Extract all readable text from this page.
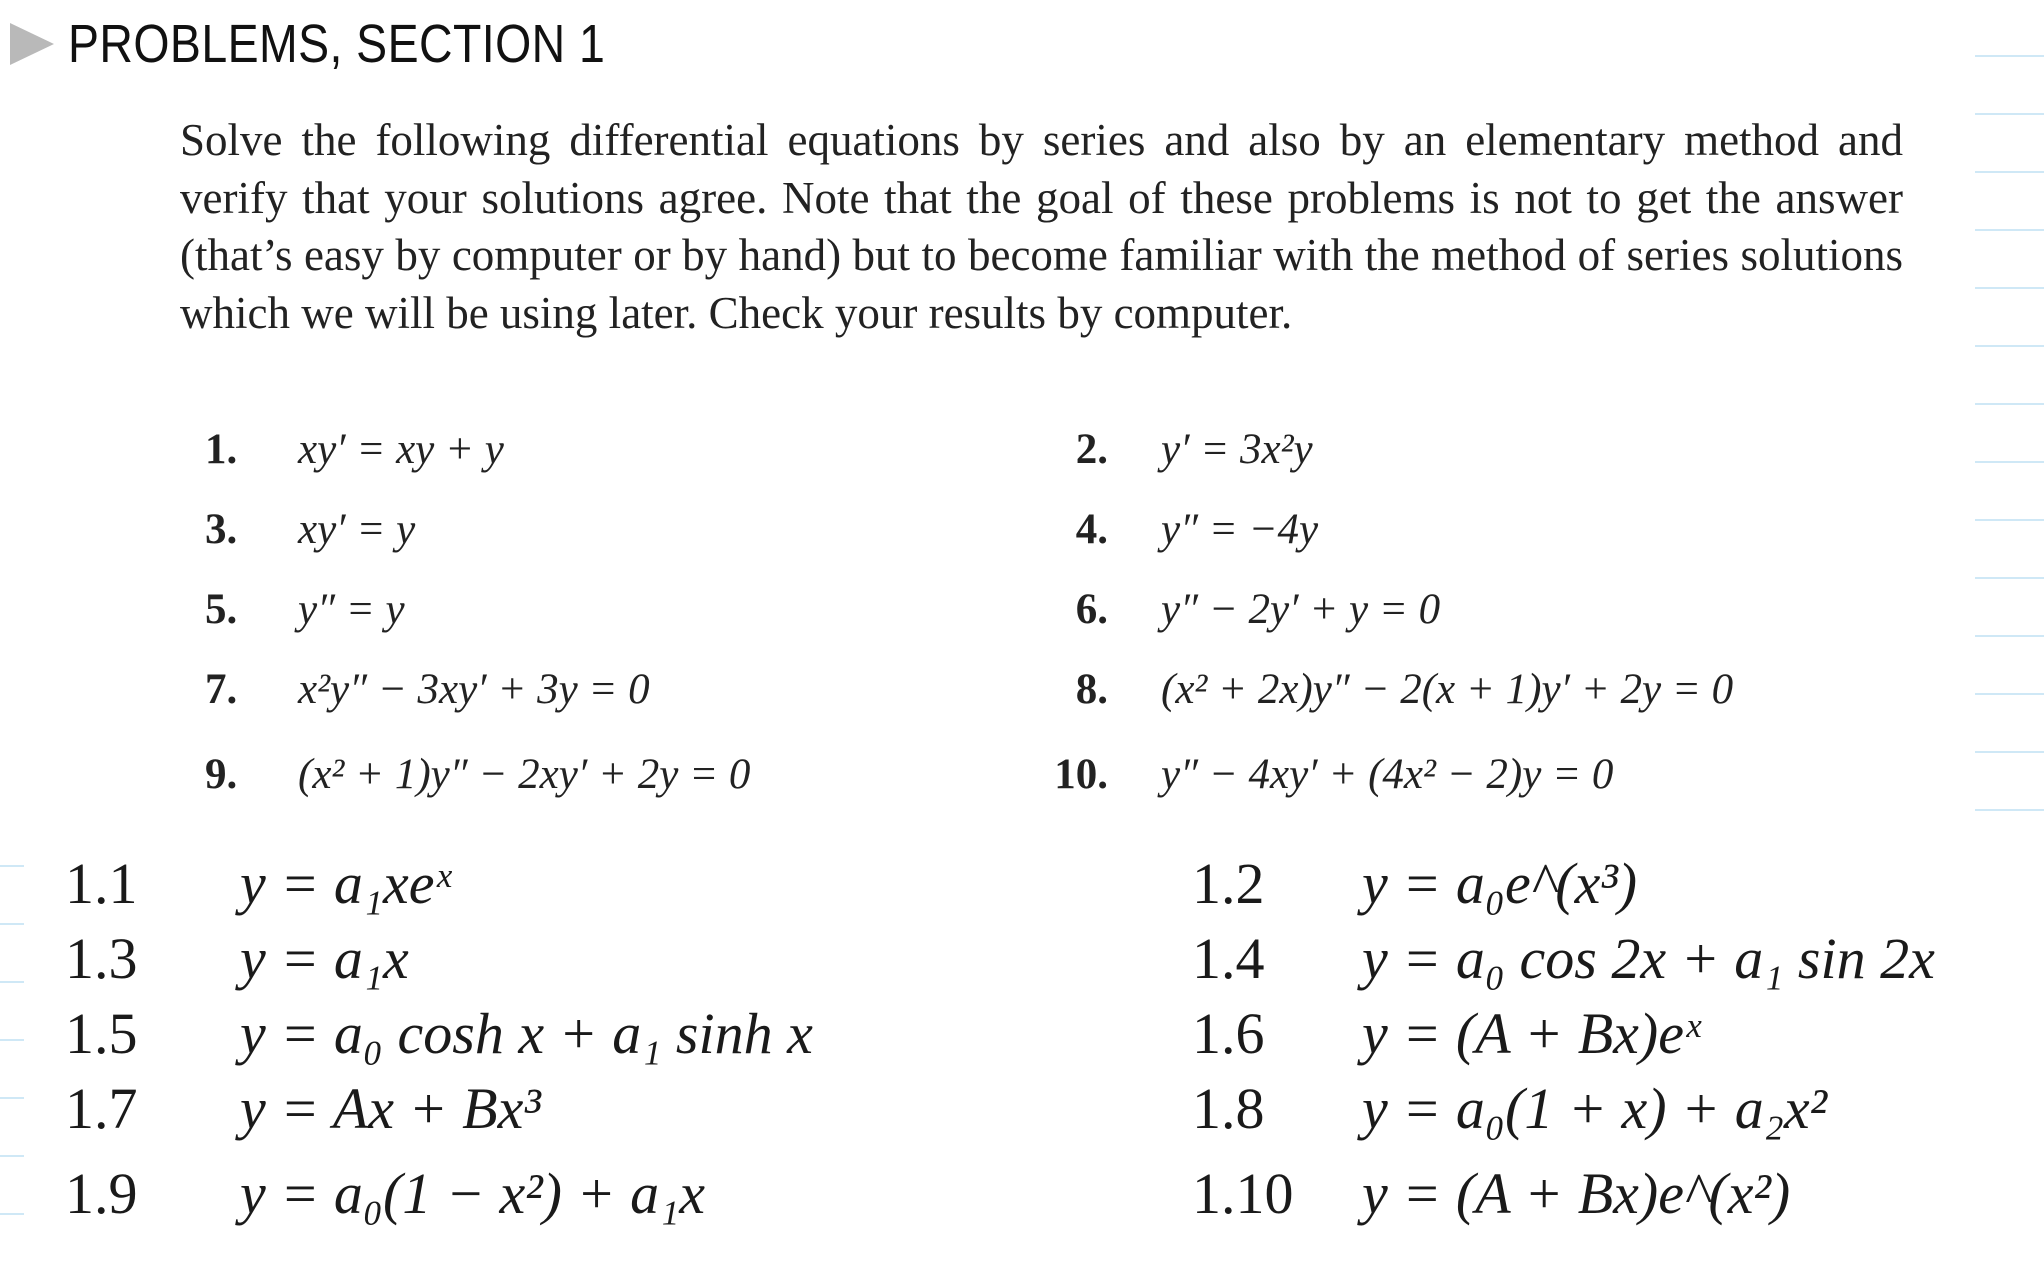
PROBLEMS, SECTION 1
Solve the following differential equations by series and also by an elementary method and verify that your solutions agree. Note that the goal of these problems is not to get the answer (that’s easy by computer or by hand) but to become familiar with the method of series solutions which we will be using later. Check your results by computer.
1.	xy′ = xy + y	2. y′ = 3x²y
3.	xy′ = y	4. y″ = −4y
5.	y″ = y	6. y″ − 2y′ + y = 0
7.	x²y″ − 3xy′ + 3y = 0	8. (x² + 2x)y″ − 2(x + 1)y′ + 2y = 0
9.	(x² + 1)y″ − 2xy′ + 2y = 0	10. y″ − 4xy′ + (4x² − 2)y = 0
1.1	y = a₁xeˣ	1.2	y = a₀e^(x³)
1.3	y = a₁x	1.4	y = a₀ cos 2x + a₁ sin 2x
1.5	y = a₀ cosh x + a₁ sinh x	1.6	y = (A + Bx)eˣ
1.7	y = Ax + Bx³	1.8	y = a₀(1 + x) + a₂x²
1.9	y = a₀(1 − x²) + a₁x	1.10	y = (A + Bx)e^(x²)
